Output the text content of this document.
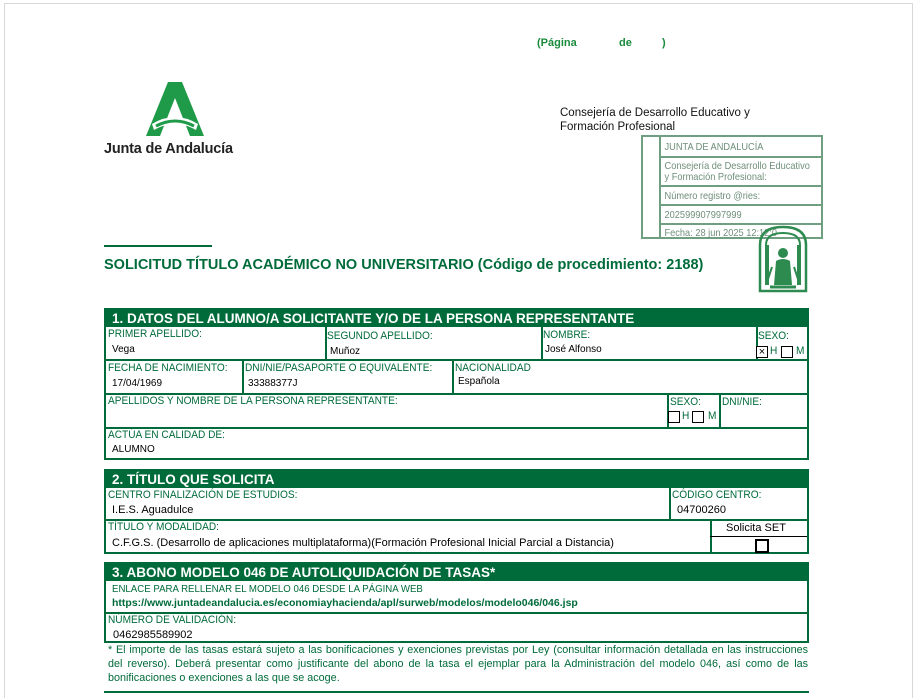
(Página	de	)
Junta de Andalucía
Consejería de Desarrollo Educativo y
Formación Profesional
JUNTA DE ANDALUCÍA
Consejería de Desarrollo Educativo
y Formación Profesional:
Número registro @ries:
202599907997999
Fecha: 28 jun 2025 12:12:0
SOLICITUD TÍTULO ACADÉMICO NO UNIVERSITARIO (Código de procedimiento: 2188)
1. DATOS DEL ALUMNO/A SOLICITANTE Y/O DE LA PERSONA REPRESENTANTE
PRIMER APELLIDO:
Vega
SEGUNDO APELLIDO:
Muñoz
NOMBRE:
José Alfonso
SEXO:
× H M
FECHA DE NACIMIENTO:
17/04/1969
DNI/NIE/PASAPORTE O EQUIVALENTE:
33388377J
NACIONALIDAD
Española
APELLIDOS Y NOMBRE DE LA PERSONA REPRESENTANTE:	SEXO:
H M
DNI/NIE:
ACTÚA EN CALIDAD DE:
ALUMNO
2. TÍTULO QUE SOLICITA
CENTRO FINALIZACIÓN DE ESTUDIOS:
I.E.S. Aguadulce
CÓDIGO CENTRO:
04700260
TÍTULO Y MODALIDAD:
C.F.G.S. (Desarrollo de aplicaciones multiplataforma)(Formación Profesional Inicial Parcial a Distancia)
Solicita SET
3. ABONO MODELO 046 DE AUTOLIQUIDACIÓN DE TASAS*
ENLACE PARA RELLENAR EL MODELO 046 DESDE LA PÁGINA WEB
https://www.juntadeandalucia.es/economiayhacienda/apl/surweb/modelos/modelo046/046.jsp
NÚMERO DE VALIDACIÓN:
0462985589902
* El importe de las tasas estará sujeto a las bonificaciones y exenciones previstas por Ley (consultar información detallada en las instrucciones del reverso). Deberá presentar como justificante del abono de la tasa el ejemplar para la Administración del modelo 046, así como de las bonificaciones o exenciones a las que se acoge.
